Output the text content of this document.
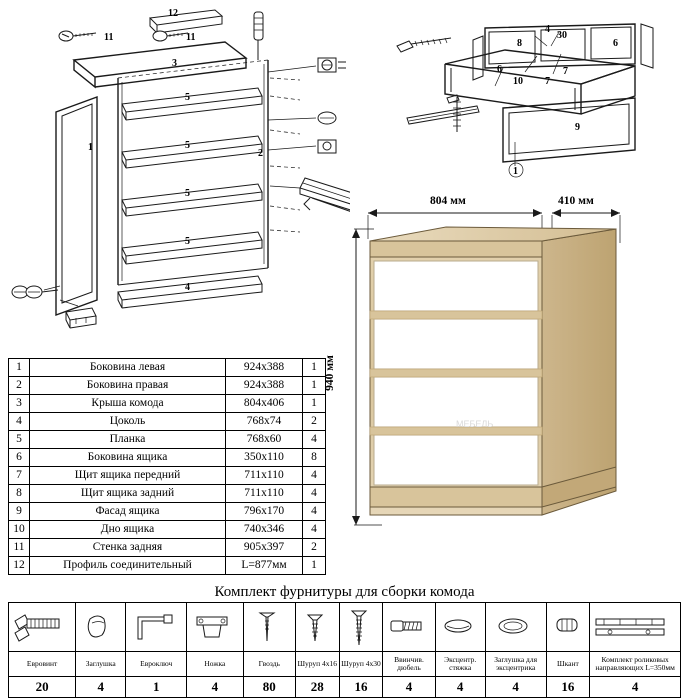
12
11	11
3
5
5
5
5
1
2
4
4
30
8	6
6
10 7
7
9
1
1	Боковина левая	924х388	1
2	Боковина правая	924х388	1
3	Крыша комода	804х406	1
4	Цоколь	768х74	2
5	Планка	768х60	4
6	Боковина ящика	350х110	8
7	Щит ящика передний	711х110	4
8	Щит ящика задний	711х110	4
9	Фасад ящика	796х170	4
10	Дно ящика	740х346	4
11	Стенка задняя	905х397	2
12	Профиль соединительный	L=877мм	1
МЕБЕЛЬ
804 мм	410 мм
940 мм
Комплект фурнитуры для сборки комода

Евровинт	Заглушка	Евроключ	Ножка	Гвоздь	Шуруп 4х16	Шуруп 4х30	Ввинчив. дюбель	Эксцентр. стяжка	Заглушка для эксцентрика	Шкант	Комплект роликовых направляющих L=350мм
20	4	1	4	80	28	16	4	4	4	16	4
